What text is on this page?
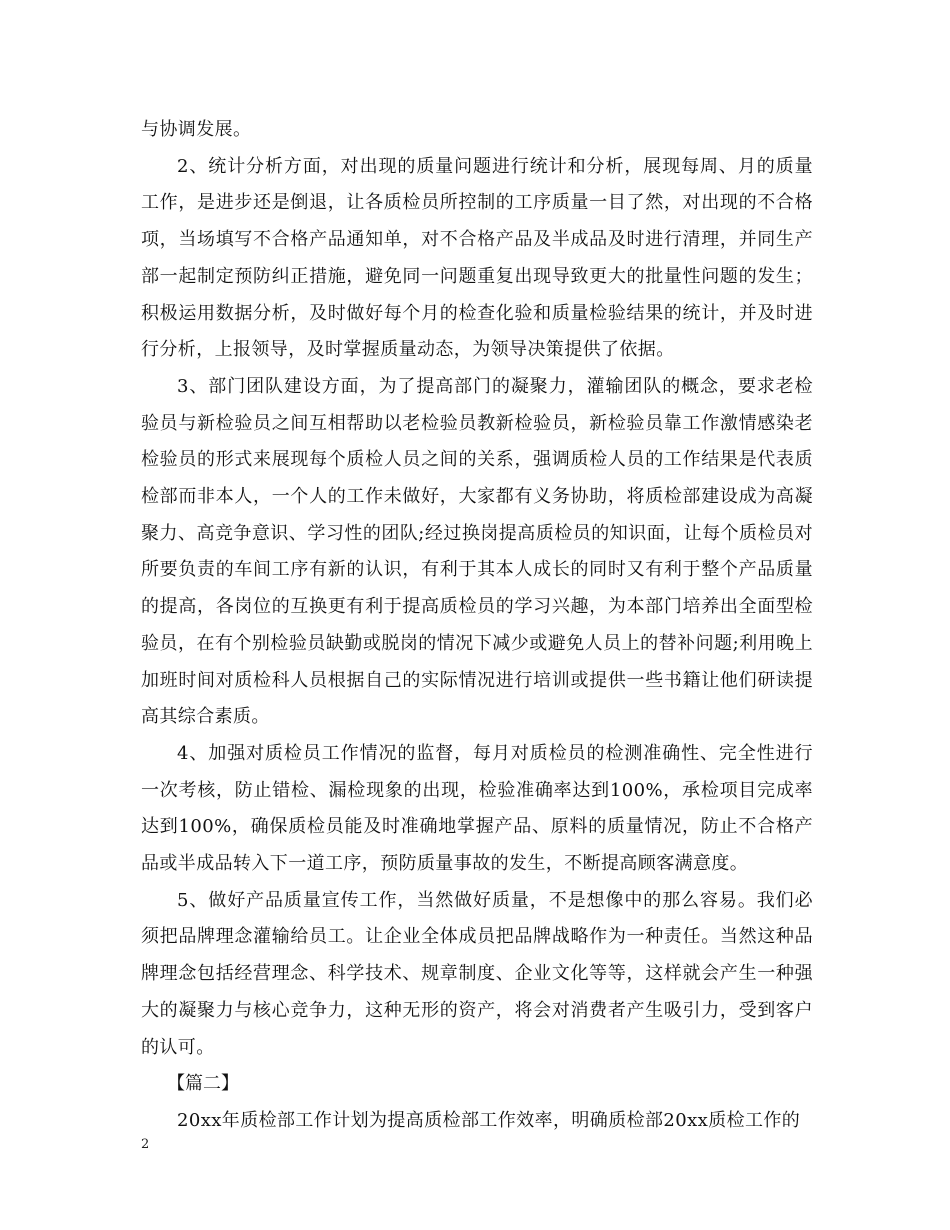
与协调发展。

2、统计分析方面，对出现的质量问题进行统计和分析，展现每周、月的质量工作，是进步还是倒退，让各质检员所控制的工序质量一目了然，对出现的不合格项，当场填写不合格产品通知单，对不合格产品及半成品及时进行清理，并同生产部一起制定预防纠正措施，避免同一问题重复出现导致更大的批量性问题的发生；积极运用数据分析，及时做好每个月的检查化验和质量检验结果的统计，并及时进行分析，上报领导，及时掌握质量动态，为领导决策提供了依据。

3、部门团队建设方面，为了提高部门的凝聚力，灌输团队的概念，要求老检验员与新检验员之间互相帮助以老检验员教新检验员，新检验员靠工作激情感染老检验员的形式来展现每个质检人员之间的关系，强调质检人员的工作结果是代表质检部而非本人，一个人的工作未做好，大家都有义务协助，将质检部建设成为高凝聚力、高竞争意识、学习性的团队;经过换岗提高质检员的知识面，让每个质检员对所要负责的车间工序有新的认识，有利于其本人成长的同时又有利于整个产品质量的提高，各岗位的互换更有利于提高质检员的学习兴趣，为本部门培养出全面型检验员，在有个别检验员缺勤或脱岗的情况下减少或避免人员上的替补问题;利用晚上加班时间对质检科人员根据自己的实际情况进行培训或提供一些书籍让他们研读提高其综合素质。

4、加强对质检员工作情况的监督，每月对质检员的检测准确性、完全性进行一次考核，防止错检、漏检现象的出现，检验准确率达到100%，承检项目完成率达到100%，确保质检员能及时准确地掌握产品、原料的质量情况，防止不合格产品或半成品转入下一道工序，预防质量事故的发生，不断提高顾客满意度。

5、做好产品质量宣传工作，当然做好质量，不是想像中的那么容易。我们必须把品牌理念灌输给员工。让企业全体成员把品牌战略作为一种责任。当然这种品牌理念包括经营理念、科学技术、规章制度、企业文化等等，这样就会产生一种强大的凝聚力与核心竞争力，这种无形的资产，将会对消费者产生吸引力，受到客户的认可。

【篇二】

20xx年质检部工作计划为提高质检部工作效率，明确质检部20xx质检工作的

2
